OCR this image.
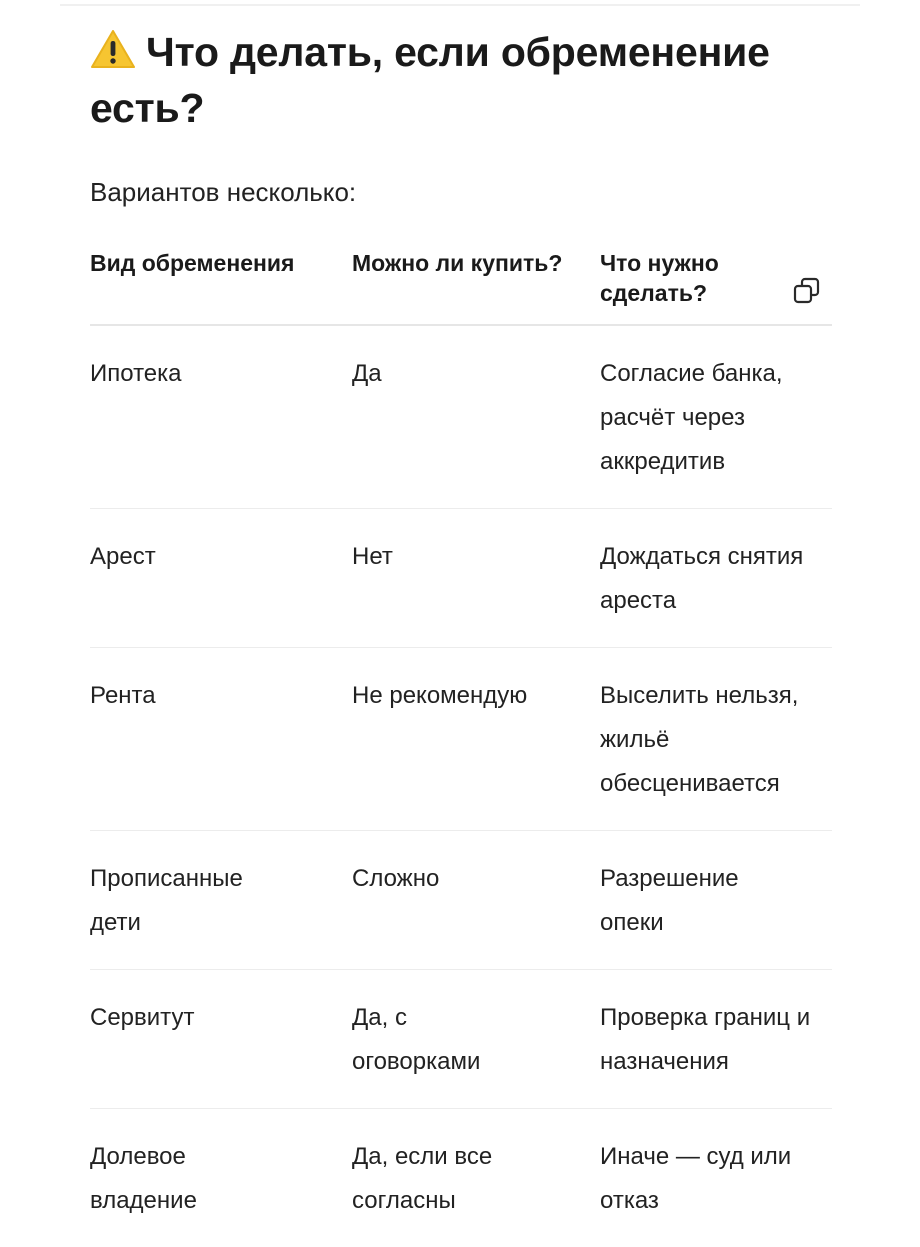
Что делать, если обременение есть?

Вариантов несколько:

Вид обременения	Можно ли купить?	Что нужно сделать?

Ипотека	Да	Согласие банка, расчёт через аккредитив
Арест	Нет	Дождаться снятия ареста
Рента	Не рекомендую	Выселить нельзя, жильё обесценивается
Прописанные дети	Сложно	Разрешение опеки
Сервитут	Да, с оговорками	Проверка границ и назначения
Долевое владение	Да, если все согласны	Иначе — суд или отказ
